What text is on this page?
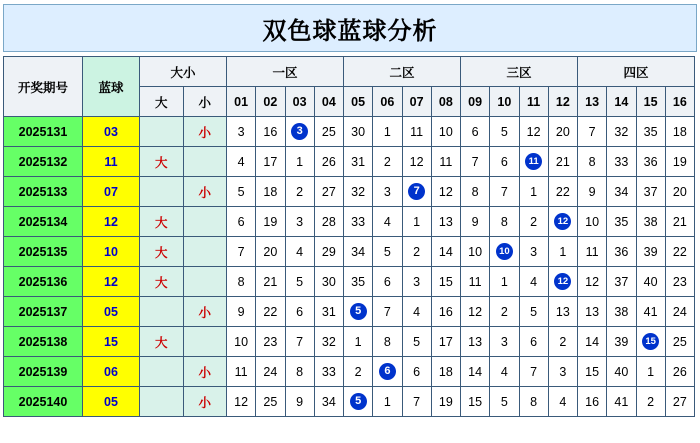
双色球蓝球分析
开奖期号	蓝球	大小		一区				二区				三区				四区			
		大	小	01	02	03	04	05	06	07	08	09	10	11	12	13	14	15	16
2025131	03		小	3	16	3	25	30	1	11	10	6	5	12	20	7	32	35	18
2025132	11	大		4	17	1	26	31	2	12	11	7	6	11	21	8	33	36	19
2025133	07		小	5	18	2	27	32	3	7	12	8	7	1	22	9	34	37	20
2025134	12	大		6	19	3	28	33	4	1	13	9	8	2	12	10	35	38	21
2025135	10	大		7	20	4	29	34	5	2	14	10	10	3	1	11	36	39	22
2025136	12	大		8	21	5	30	35	6	3	15	11	1	4	12	12	37	40	23
2025137	05		小	9	22	6	31	5	7	4	16	12	2	5	13	13	38	41	24
2025138	15	大		10	23	7	32	1	8	5	17	13	3	6	2	14	39	15	25
2025139	06		小	11	24	8	33	2	6	6	18	14	4	7	3	15	40	1	26
2025140	05		小	12	25	9	34	5	1	7	19	15	5	8	4	16	41	2	27
